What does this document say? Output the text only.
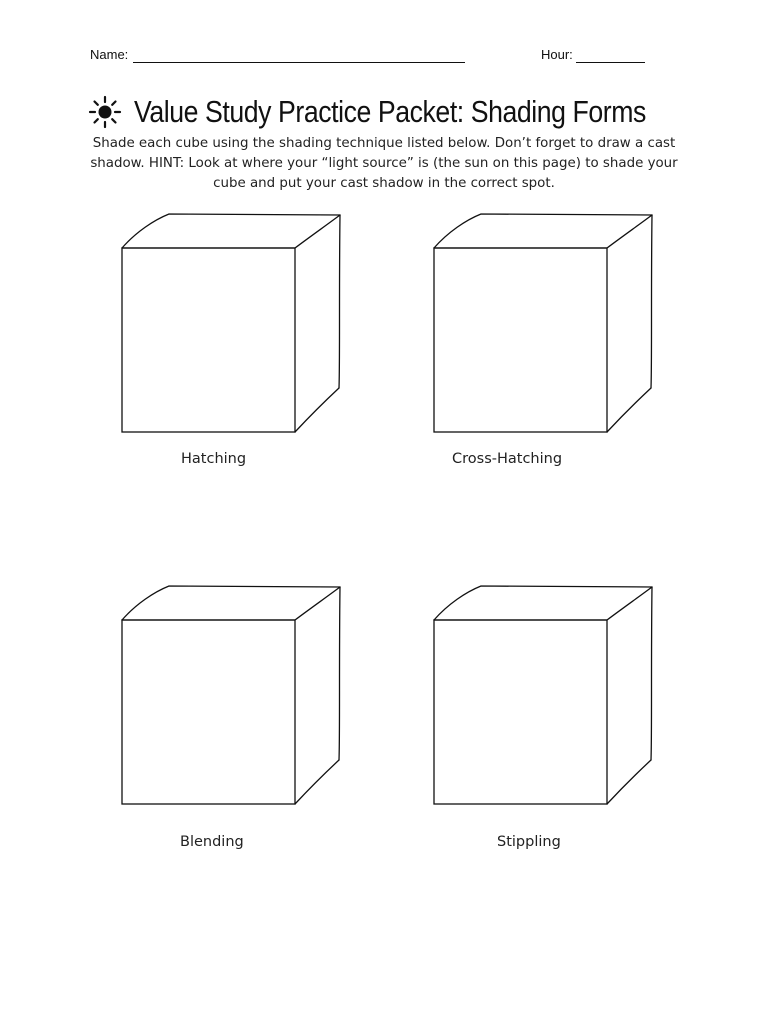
Name:	Hour:
Value Study Practice Packet: Shading Forms
Shade each cube using the shading technique listed below. Don’t forget to draw a cast shadow. HINT: Look at where your “light source” is (the sun on this page) to shade your cube and put your cast shadow in the correct spot.
Hatching	Cross-Hatching
Blending	Stippling
